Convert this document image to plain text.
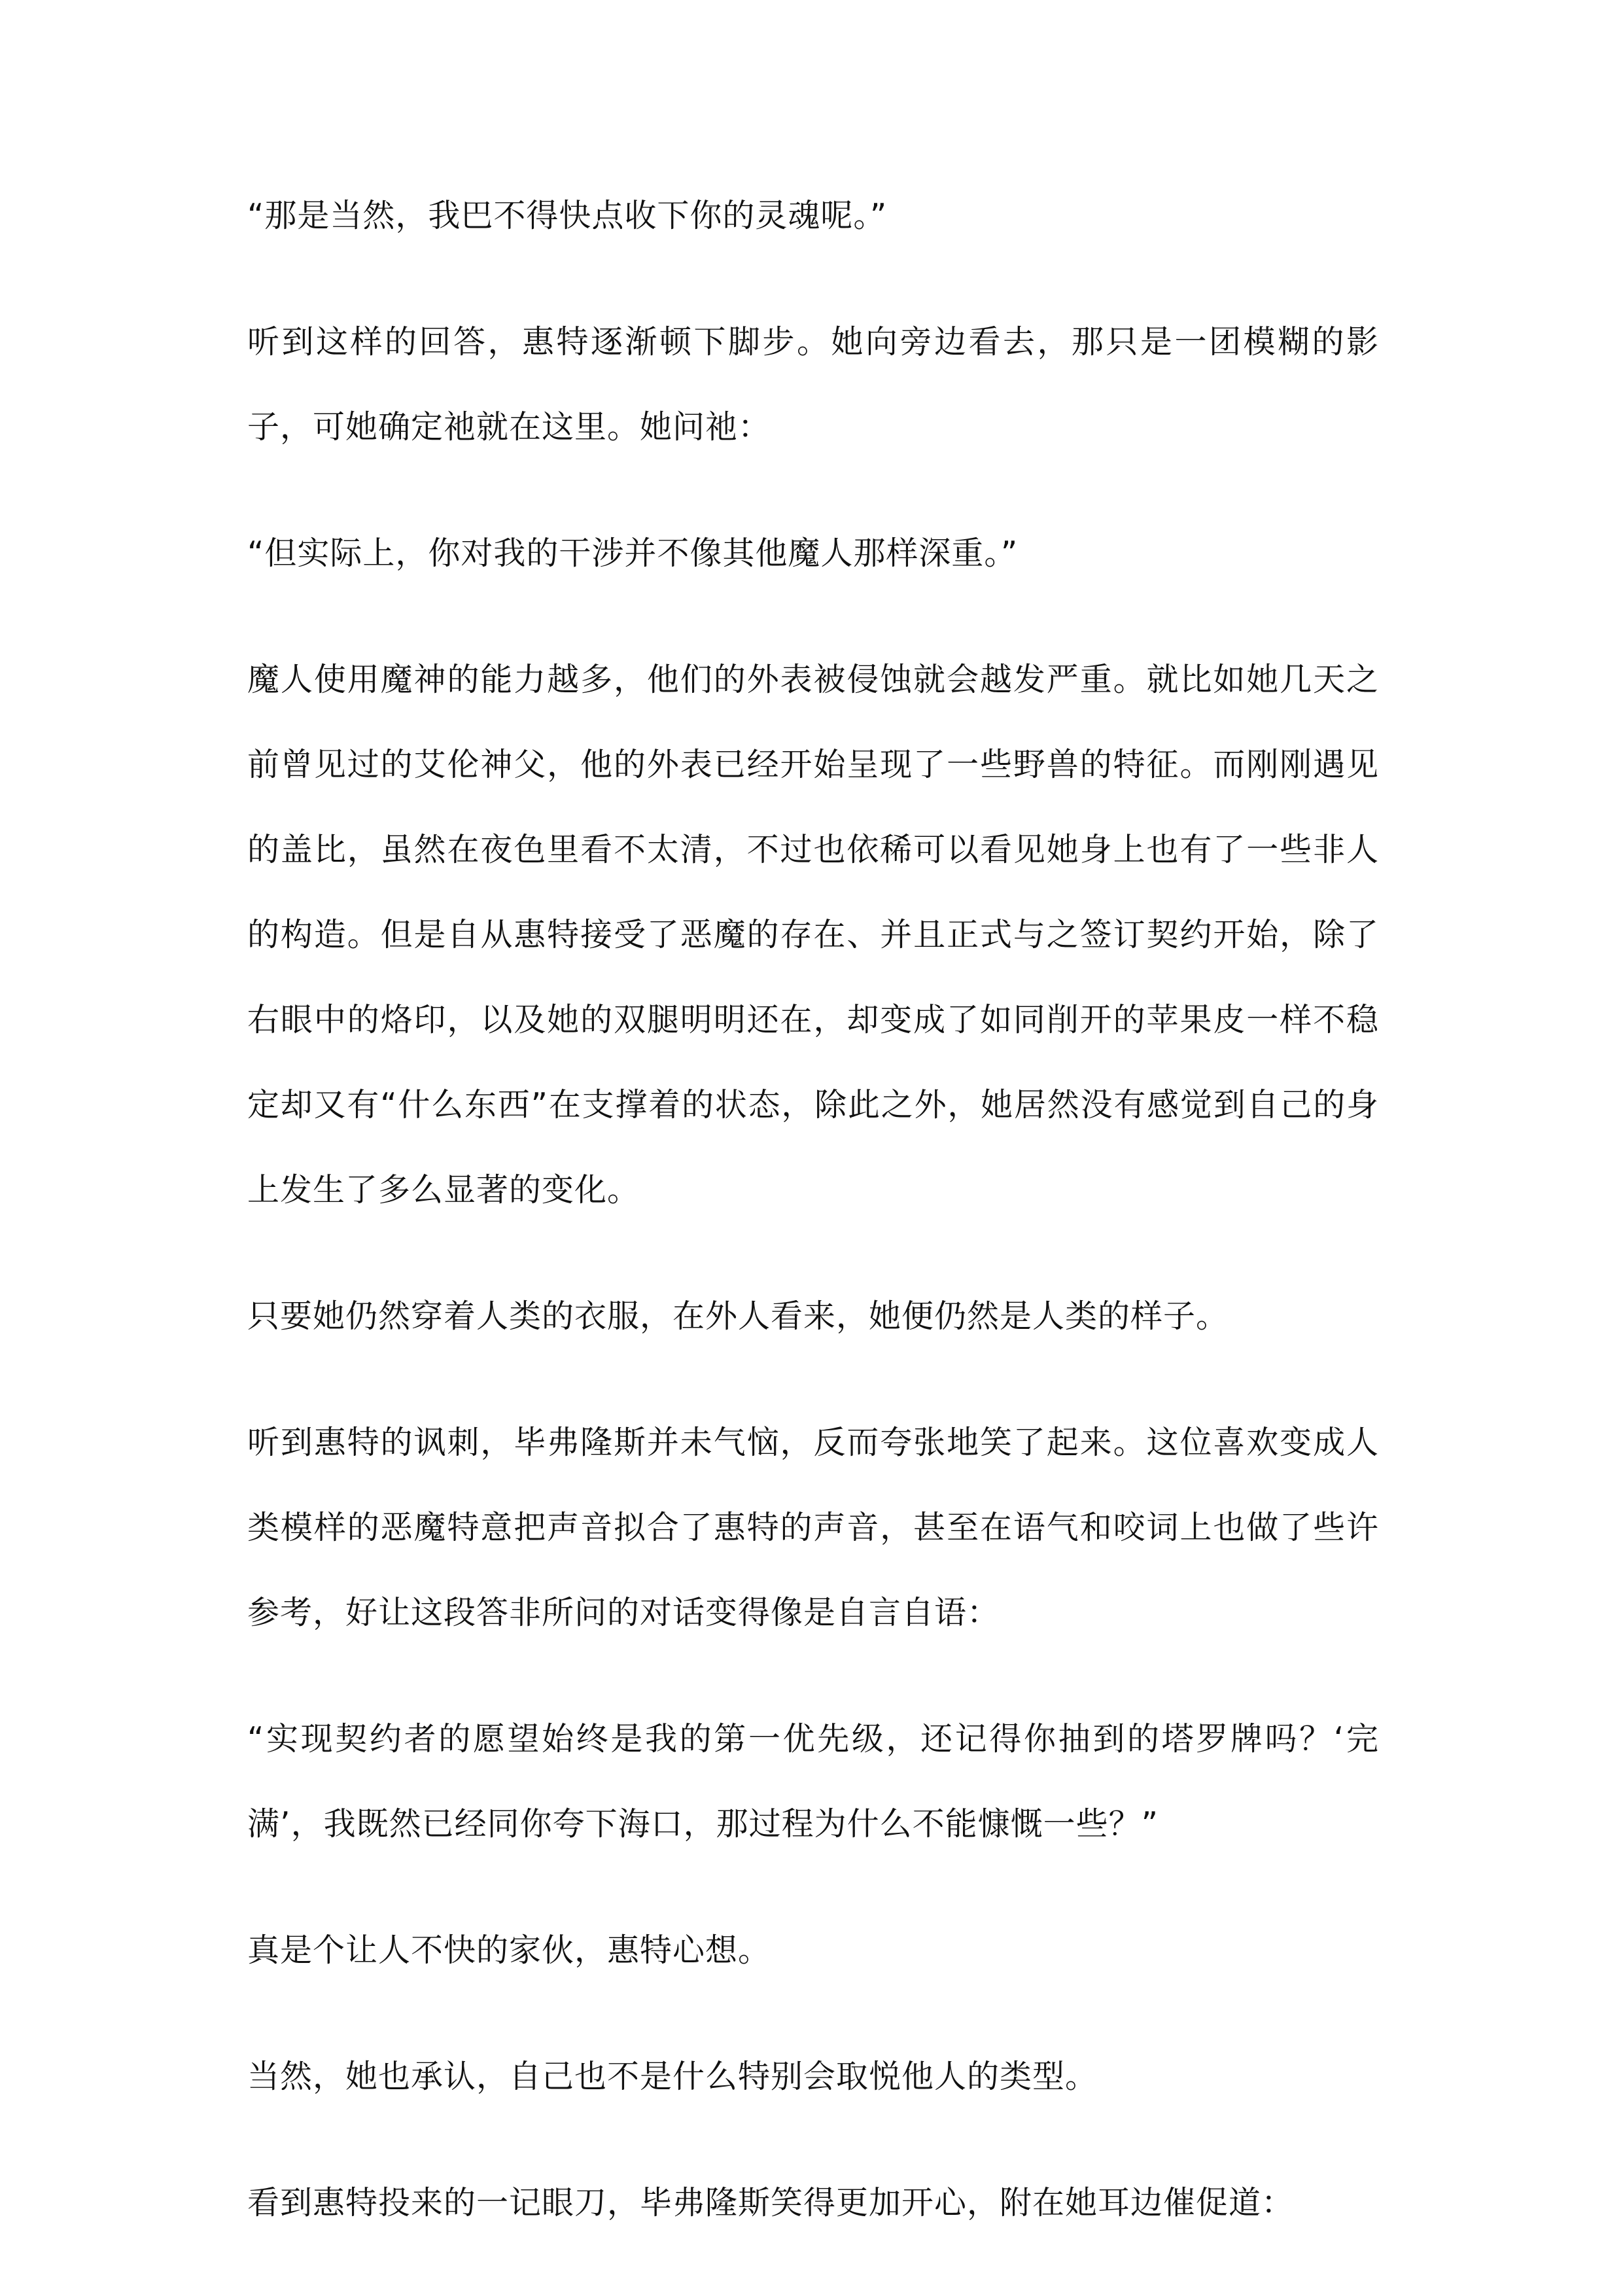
“那是当然，我巴不得快点收下你的灵魂呢。”

听到这样的回答，惠特逐渐顿下脚步。她向旁边看去，那只是一团模糊的影子，可她确定祂就在这里。她问祂：

“但实际上，你对我的干涉并不像其他魔人那样深重。”

魔人使用魔神的能力越多，他们的外表被侵蚀就会越发严重。就比如她几天之前曾见过的艾伦神父，他的外表已经开始呈现了一些野兽的特征。而刚刚遇见的盖比，虽然在夜色里看不太清，不过也依稀可以看见她身上也有了一些非人的构造。但是自从惠特接受了恶魔的存在、并且正式与之签订契约开始，除了右眼中的烙印，以及她的双腿明明还在，却变成了如同削开的苹果皮一样不稳定却又有“什么东西”在支撑着的状态，除此之外，她居然没有感觉到自己的身上发生了多么显著的变化。

只要她仍然穿着人类的衣服，在外人看来，她便仍然是人类的样子。

听到惠特的讽刺，毕弗隆斯并未气恼，反而夸张地笑了起来。这位喜欢变成人类模样的恶魔特意把声音拟合了惠特的声音，甚至在语气和咬词上也做了些许参考，好让这段答非所问的对话变得像是自言自语：

“实现契约者的愿望始终是我的第一优先级，还记得你抽到的塔罗牌吗？‘完满’，我既然已经同你夸下海口，那过程为什么不能慷慨一些？”

真是个让人不快的家伙，惠特心想。

当然，她也承认，自己也不是什么特别会取悦他人的类型。

看到惠特投来的一记眼刀，毕弗隆斯笑得更加开心，附在她耳边催促道：
